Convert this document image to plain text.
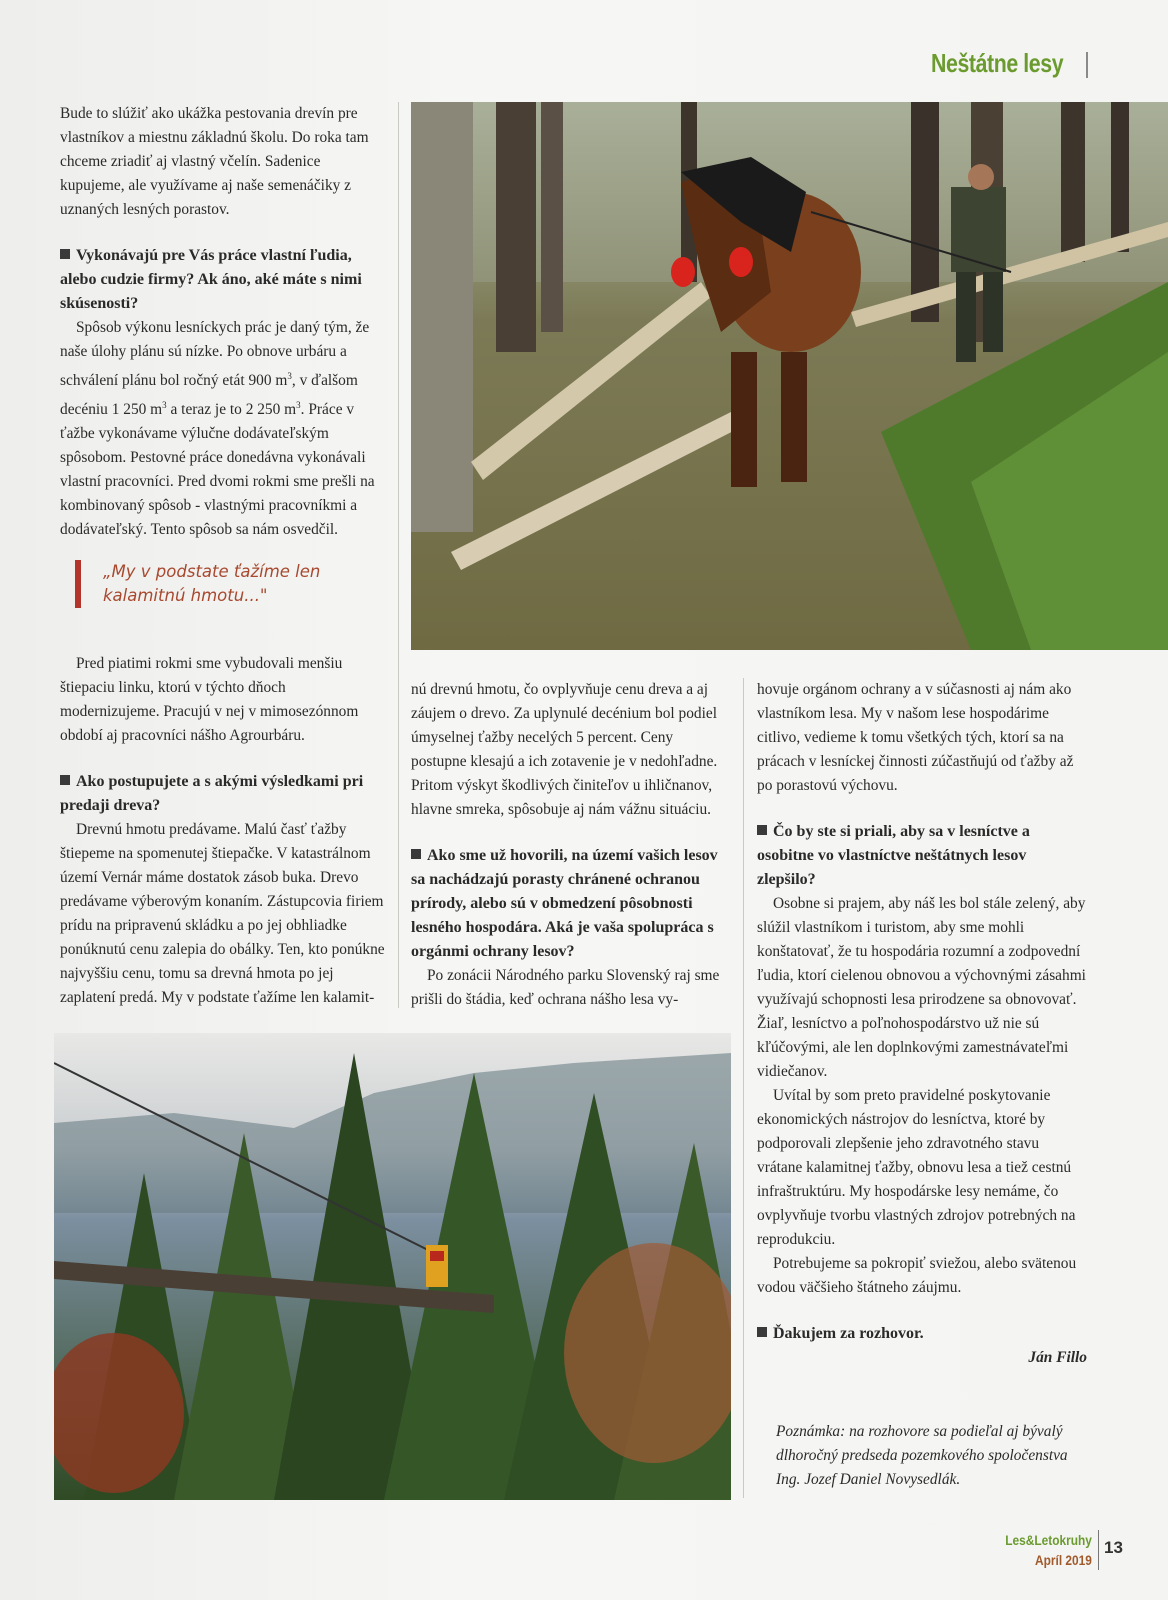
Neštátne lesy

Bude to slúžiť ako ukážka pestovania drevín pre vlastníkov a miestnu základnú školu. Do roka tam chceme zriadiť aj vlastný včelín. Sadenice kupujeme, ale využívame aj naše semenáčiky z uznaných lesných porastov.

Vykonávajú pre Vás práce vlastní ľudia, alebo cudzie firmy? Ak áno, aké máte s nimi skúsenosti?

Spôsob výkonu lesníckych prác je daný tým, že naše úlohy plánu sú nízke. Po obnove urbáru a schválení plánu bol ročný etát 900 $m^3$, v ďalšom decéniu 1 250 $m^3$ a teraz je to 2 250 $m^3$. Práce v ťažbe vykonávame výlučne dodávateľským spôsobom. Pestovné práce donedávna vykonávali vlastní pracovníci. Pred dvomi rokmi sme prešli na kombinovaný spôsob - vlastnými pracovníkmi a dodávateľský. Tento spôsob sa nám osvedčil.

„My v podstate ťažíme len kalamitnú hmotu..."

Pred piatimi rokmi sme vybudovali menšiu štiepaciu linku, ktorú v týchto dňoch modernizujeme. Pracujú v nej v mimosezónnom období aj pracovníci nášho Agrourbáru.

Ako postupujete a s akými výsledkami pri predaji dreva?

Drevnú hmotu predávame. Malú časť ťažby štiepeme na spomenutej štiepačke. V katastrálnom území Vernár máme dostatok zásob buka. Drevo predávame výberovým konaním. Zástupcovia firiem prídu na pripravenú skládku a po jej obhliadke ponúknutú cenu zalepia do obálky. Ten, kto ponúkne najvyššiu cenu, tomu sa drevná hmota po jej zaplatení predá. My v podstate ťažíme len kalamit-

nú drevnú hmotu, čo ovplyvňuje cenu dreva a aj záujem o drevo. Za uplynulé decénium bol podiel úmyselnej ťažby necelých 5 percent. Ceny postupne klesajú a ich zotavenie je v nedohľadne. Pritom výskyt škodlivých činiteľov u ihličnanov, hlavne smreka, spôsobuje aj nám vážnu situáciu.

Ako sme už hovorili, na území vašich lesov sa nachádzajú porasty chránené ochranou prírody, alebo sú v obmedzení pôsobnosti lesného hospodára. Aká je vaša spolupráca s orgánmi ochrany lesov?

Po zonácii Národného parku Slovenský raj sme prišli do štádia, keď ochrana nášho lesa vy-

hovuje orgánom ochrany a v súčasnosti aj nám ako vlastníkom lesa. My v našom lese hospodárime citlivo, vedieme k tomu všetkých tých, ktorí sa na prácach v lesníckej činnosti zúčastňujú od ťažby až po porastovú výchovu.

Čo by ste si priali, aby sa v lesníctve a osobitne vo vlastníctve neštátnych lesov zlepšilo?

Osobne si prajem, aby náš les bol stále zelený, aby slúžil vlastníkom i turistom, aby sme mohli konštatovať, že tu hospodária rozumní a zodpovední ľudia, ktorí cielenou obnovou a výchovnými zásahmi využívajú schopnosti lesa prirodzene sa obnovovať. Žiaľ, lesníctvo a poľnohospodárstvo už nie sú kľúčovými, ale len doplnkovými zamestnávateľmi vidiečanov.

Uvítal by som preto pravidelné poskytovanie ekonomických nástrojov do lesníctva, ktoré by podporovali zlepšenie jeho zdravotného stavu vrátane kalamitnej ťažby, obnovu lesa a tiež cestnú infraštruktúru. My hospodárske lesy nemáme, čo ovplyvňuje tvorbu vlastných zdrojov potrebných na reprodukciu.

Potrebujeme sa pokropiť sviežou, alebo svätenou vodou väčšieho štátneho záujmu.

Ďakujem za rozhovor.

Ján Fillo

Poznámka: na rozhovore sa podieľal aj bývalý dlhoročný predseda pozemkového spoločenstva Ing. Jozef Daniel Novysedlák.
Les&Letokruhy
Apríl 2019
13
